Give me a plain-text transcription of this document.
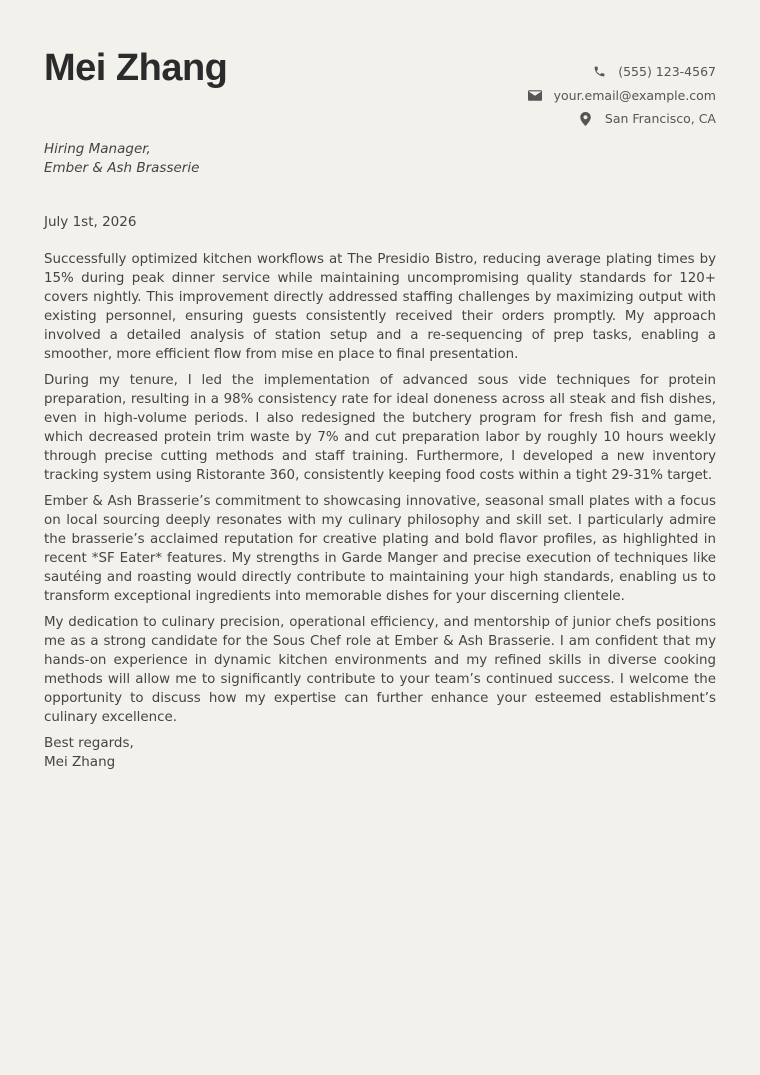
Mei Zhang	(555) 123-4567
your.email@example.com
San Francisco, CA
Hiring Manager,
Ember & Ash Brasserie
July 1st, 2026

Successfully optimized kitchen workflows at The Presidio Bistro, reducing average plating times by 15% during peak dinner service while maintaining uncompromising quality standards for 120+ covers nightly. This improvement directly addressed staffing challenges by maximizing output with existing personnel, ensuring guests consistently received their orders promptly. My approach involved a detailed analysis of station setup and a re-sequencing of prep tasks, enabling a smoother, more efficient flow from mise en place to final presentation.

During my tenure, I led the implementation of advanced sous vide techniques for protein preparation, resulting in a 98% consistency rate for ideal doneness across all steak and fish dishes, even in high-volume periods. I also redesigned the butchery program for fresh fish and game, which decreased protein trim waste by 7% and cut preparation labor by roughly 10 hours weekly through precise cutting methods and staff training. Furthermore, I developed a new inventory tracking system using Ristorante 360, consistently keeping food costs within a tight 29-31% target.

Ember & Ash Brasserie’s commitment to showcasing innovative, seasonal small plates with a focus on local sourcing deeply resonates with my culinary philosophy and skill set. I particularly admire the brasserie’s acclaimed reputation for creative plating and bold flavor profiles, as highlighted in recent *SF Eater* features. My strengths in Garde Manger and precise execution of techniques like sautéing and roasting would directly contribute to maintaining your high standards, enabling us to transform exceptional ingredients into memorable dishes for your discerning clientele.

My dedication to culinary precision, operational efficiency, and mentorship of junior chefs positions me as a strong candidate for the Sous Chef role at Ember & Ash Brasserie. I am confident that my hands-on experience in dynamic kitchen environments and my refined skills in diverse cooking methods will allow me to significantly contribute to your team’s continued success. I welcome the opportunity to discuss how my expertise can further enhance your esteemed establishment’s culinary excellence.

Best regards,
Mei Zhang
